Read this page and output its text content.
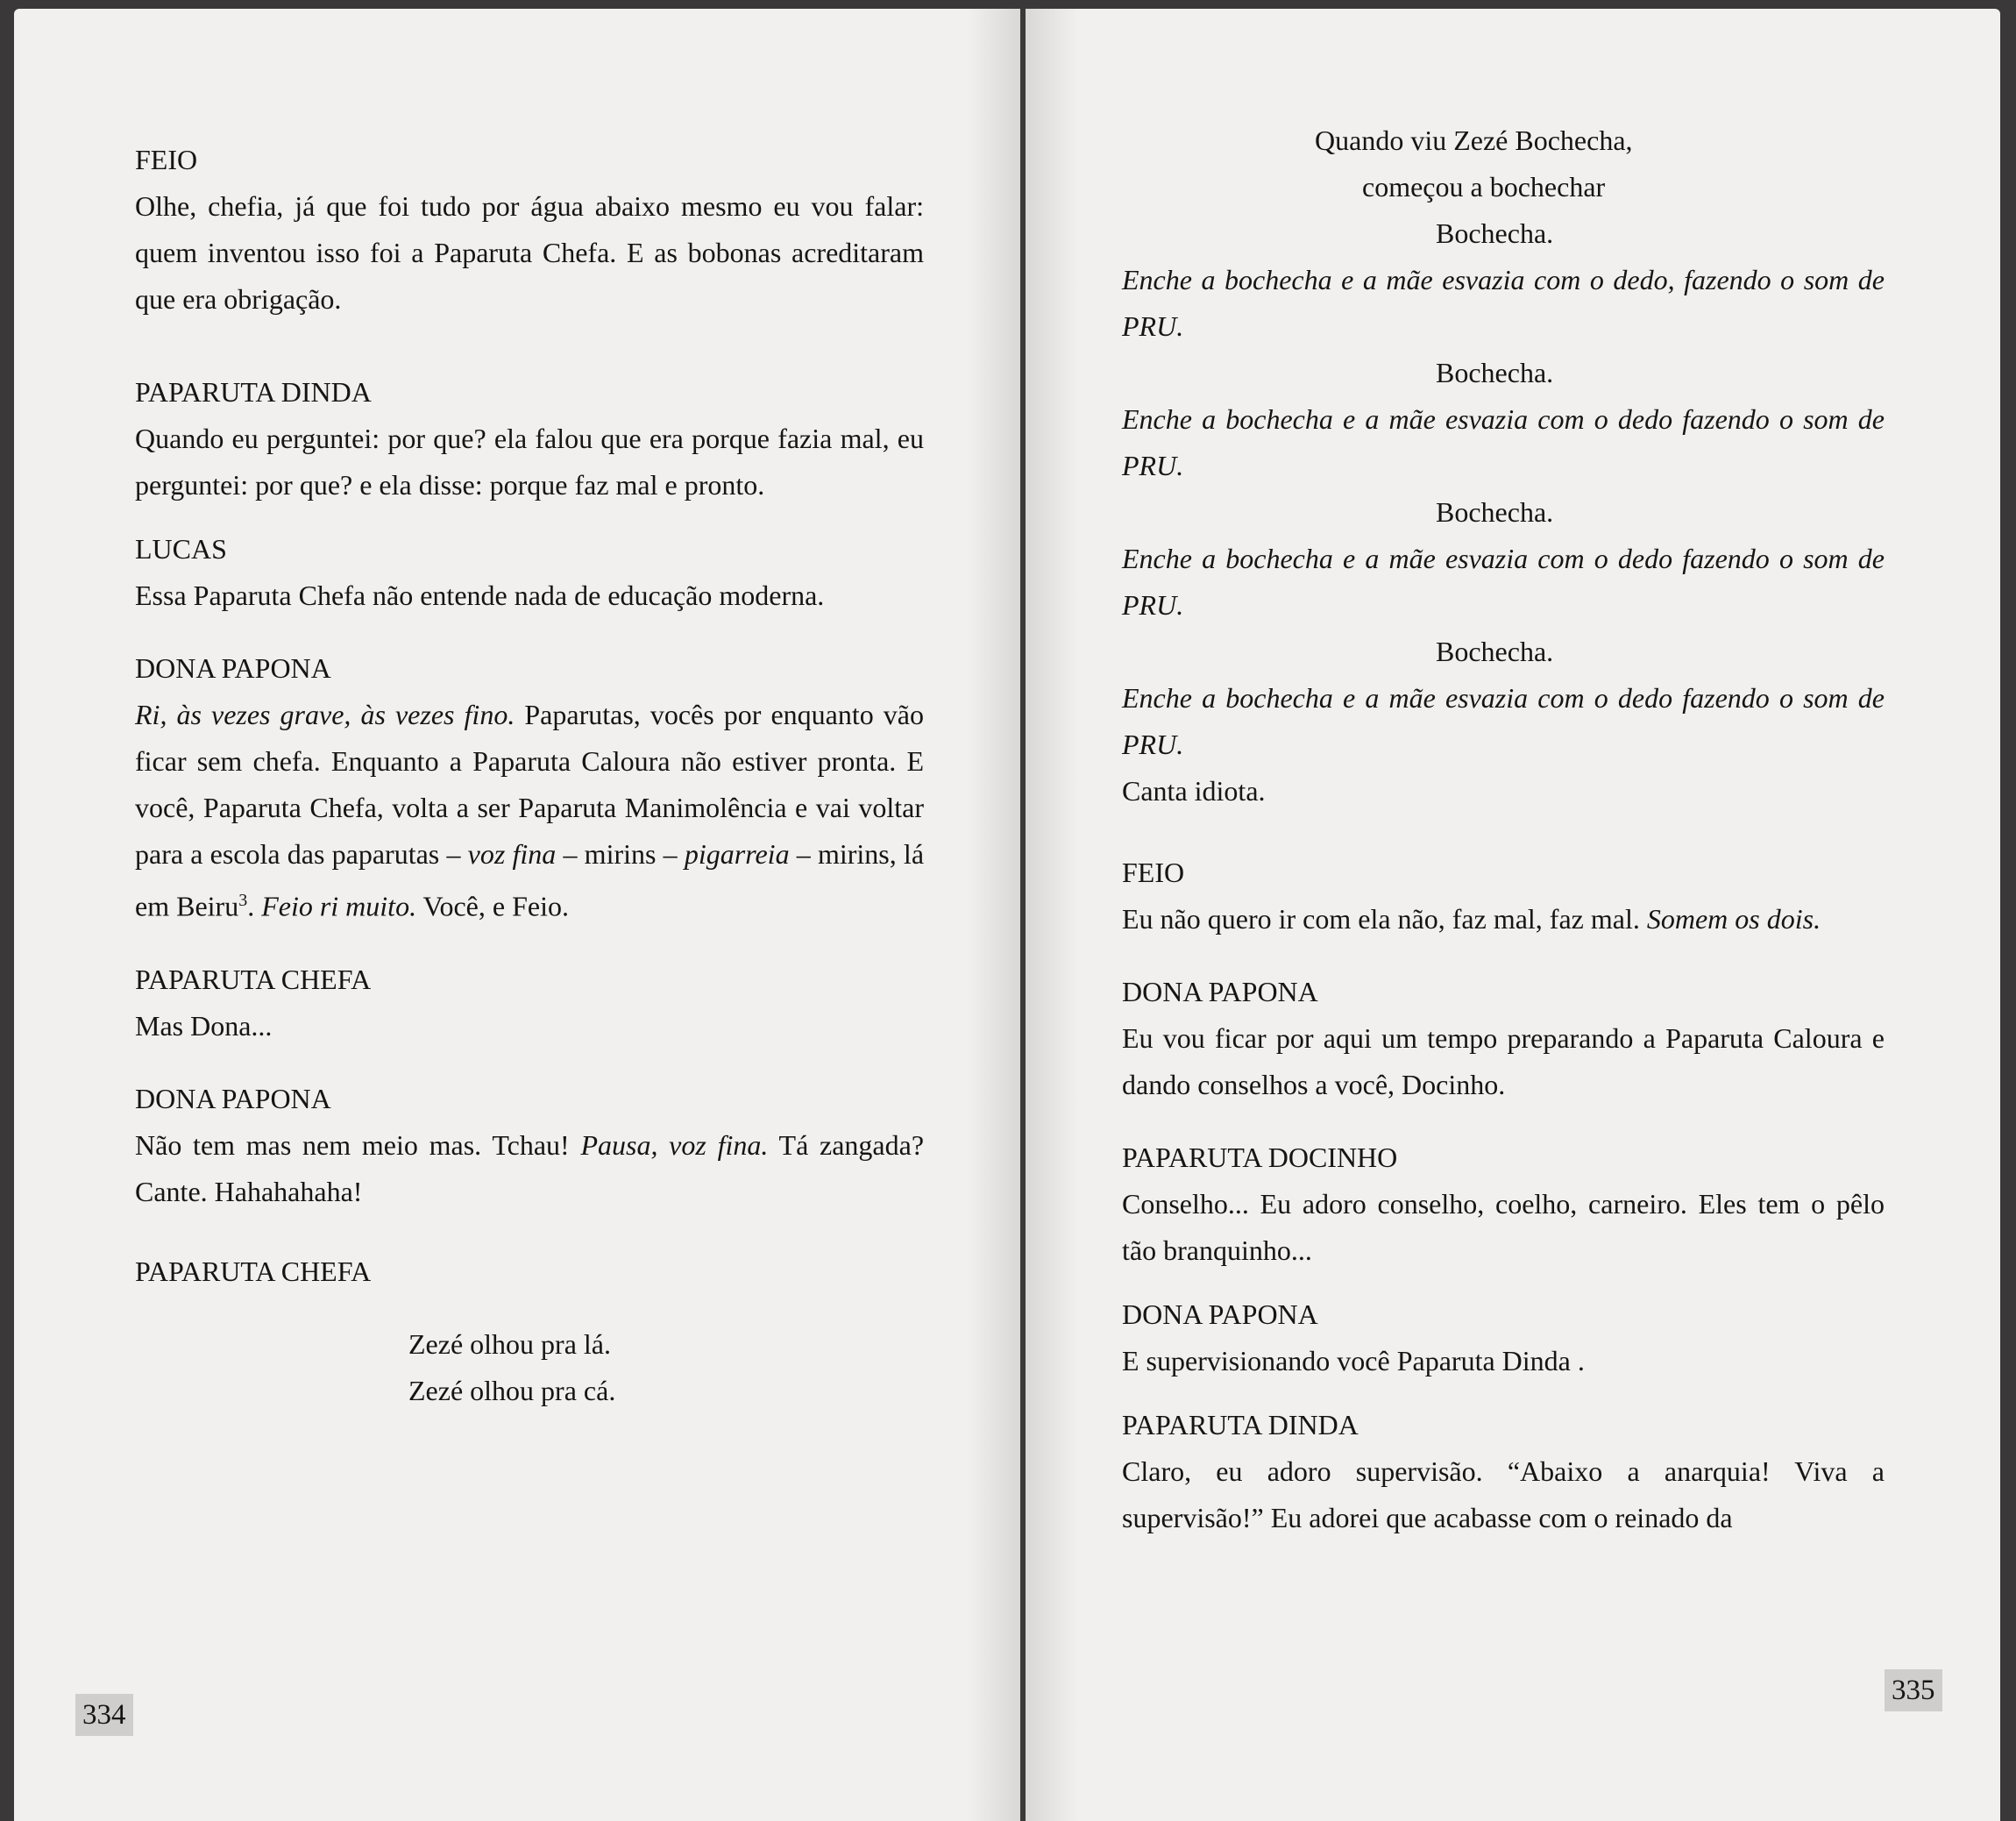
FEIO

Olhe, chefia, já que foi tudo por água abaixo mesmo eu vou falar: quem inventou isso foi a Paparuta Chefa. E as bobonas acreditaram que era obrigação.

PAPARUTA DINDA

Quando eu perguntei: por que? ela falou que era porque fazia mal, eu perguntei: por que? e ela disse: porque faz mal e pronto.

LUCAS

Essa Paparuta Chefa não entende nada de educação moderna.

DONA PAPONA

Ri, às vezes grave, às vezes fino. Paparutas, vocês por enquanto vão ficar sem chefa. Enquanto a Paparuta Caloura não estiver pronta. E você, Paparuta Chefa, volta a ser Paparuta Manimolência e vai voltar para a escola das paparutas – voz fina – mirins – pigarreia – mirins, lá em Beiru$^3$. Feio ri muito. Você, e Feio.

PAPARUTA CHEFA

Mas Dona...

DONA PAPONA

Não tem mas nem meio mas. Tchau! Pausa, voz fina. Tá zangada? Cante. Hahahahaha!

PAPARUTA CHEFA

Zezé olhou pra lá.

Zezé olhou pra cá.

334

Quando viu Zezé Bochecha,

começou a bochechar

Bochecha.

Enche a bochecha e a mãe esvazia com o dedo, fazendo o som de PRU.

Bochecha.

Enche a bochecha e a mãe esvazia com o dedo fazendo o som de PRU.

Bochecha.

Enche a bochecha e a mãe esvazia com o dedo fazendo o som de PRU.

Bochecha.

Enche a bochecha e a mãe esvazia com o dedo fazendo o som de PRU.

Canta idiota.

FEIO

Eu não quero ir com ela não, faz mal, faz mal. Somem os dois.

DONA PAPONA

Eu vou ficar por aqui um tempo preparando a Paparuta Caloura e dando conselhos a você, Docinho.

PAPARUTA DOCINHO

Conselho... Eu adoro conselho, coelho, carneiro. Eles tem o pêlo tão branquinho...

DONA PAPONA

E supervisionando você Paparuta Dinda .

PAPARUTA DINDA

Claro, eu adoro supervisão. “Abaixo a anarquia! Viva a supervisão!” Eu adorei que acabasse com o reinado da

335
